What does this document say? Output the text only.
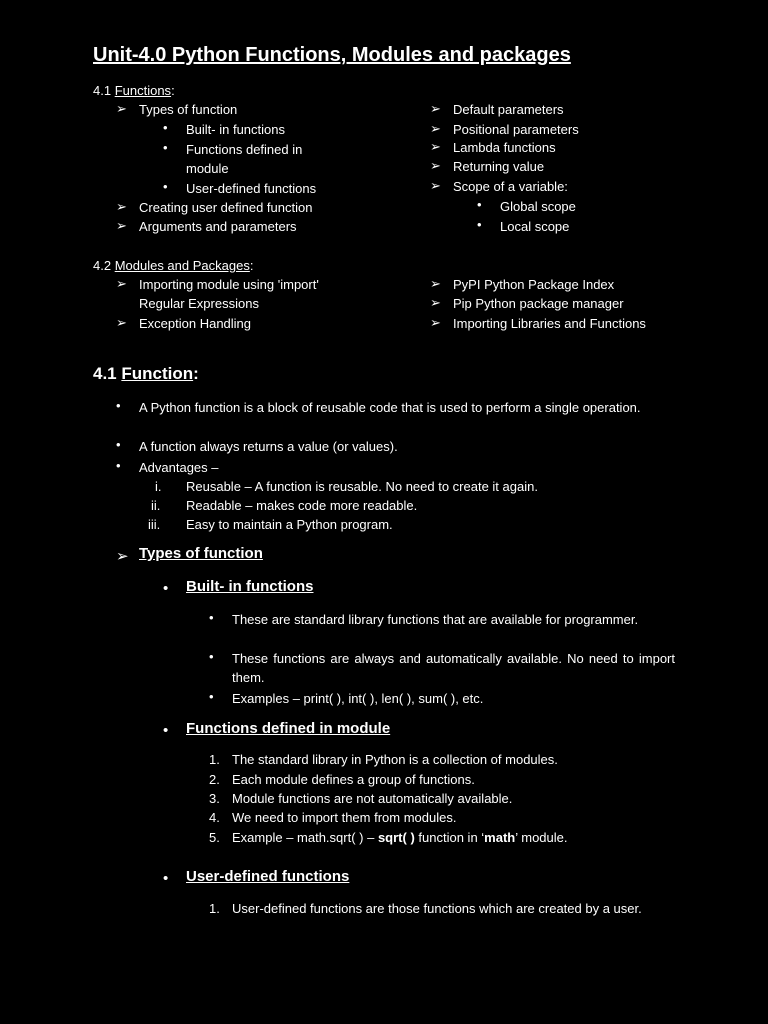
Unit-4.0 Python Functions, Modules and packages
4.1 Functions:
➢ Types of function
• Built- in functions
• Functions defined in
module
• User-defined functions
➢ Creating user defined function
➢ Arguments and parameters
➢ Default parameters
➢ Positional parameters
➢ Lambda functions
➢ Returning value
➢ Scope of a variable:
• Global scope
• Local scope
4.2 Modules and Packages:
➢ Importing module using 'import'
Regular Expressions
➢ Exception Handling
➢ PyPI Python Package Index
➢ Pip Python package manager
➢ Importing Libraries and Functions
4.1 Function:
• A Python function is a block of reusable code that is used to perform a single operation.
• A function always returns a value (or values).
• Advantages –
i. Reusable – A function is reusable. No need to create it again.
ii. Readable – makes code more readable.
iii. Easy to maintain a Python program.
➢ Types of function
• Built- in functions
• These are standard library functions that are available for programmer.
• These functions are always and automatically available. No need to import them.
• Examples – print( ), int( ), len( ), sum( ), etc.
• Functions defined in module
1. The standard library in Python is a collection of modules.
2. Each module defines a group of functions.
3. Module functions are not automatically available.
4. We need to import them from modules.
5. Example – math.sqrt( ) – sqrt( ) function in ‘math’ module.
• User-defined functions
1. User-defined functions are those functions which are created by a user.
